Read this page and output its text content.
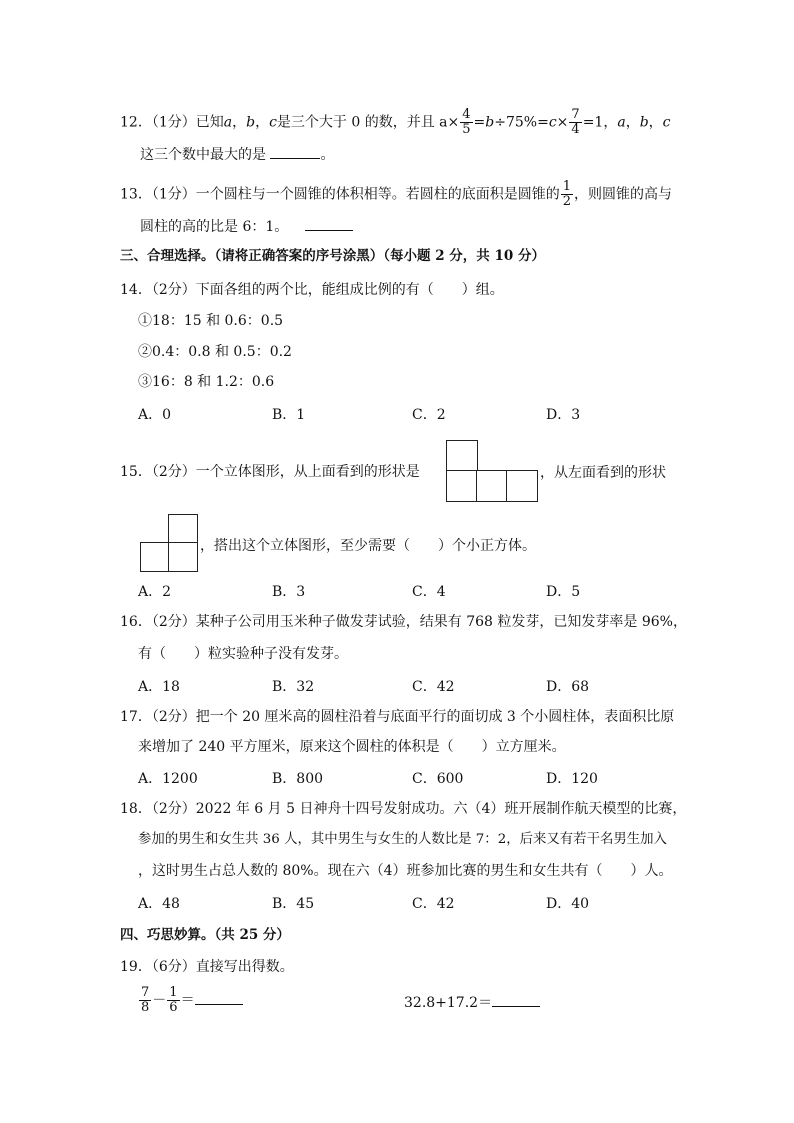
12．（1分）已知a，b，c是三个大于 0 的数，并且 $a\times \frac{4}{5} =b\div 75\%=c\times \frac{7}{4} =1$，a，b，c
这三个数中最大的是	。
13．（1分）一个圆柱与一个圆锥的体积相等。若圆柱的底面积是圆锥的 $\frac{1}{2}$ ，则圆锥的高与
圆柱的高的比是 6：1。
三、合理选择。（请将正确答案的序号涂黑）（每小题 2 分，共 10 分）
14．（2分）下面各组的两个比，能组成比例的有（　　）组。
①18：15 和 0.6：0.5
②0.4：0.8 和 0.5：0.2
③16：8 和 1.2：0.6
A．0	B．1	C．2	D．3
15．（2分）一个立体图形，从上面看到的形状是	，从左面看到的形状
，搭出这个立体图形，至少需要（　　）个小正方体。
A．2	B．3	C．4	D．5
16．（2分）某种子公司用玉米种子做发芽试验，结果有 768 粒发芽，已知发芽率是 96%，
有（　　）粒实验种子没有发芽。
A．18	B．32	C．42	D．68
17．（2分）把一个 20 厘米高的圆柱沿着与底面平行的面切成 3 个小圆柱体，表面积比原
来增加了 240 平方厘米，原来这个圆柱的体积是（　　）立方厘米。
A．1200	B．800	C．600	D．120
18．（2分）2022 年 6 月 5 日神舟十四号发射成功。六（4）班开展制作航天模型的比赛，
参加的男生和女生共 36 人，其中男生与女生的人数比是 7：2，后来又有若干名男生加入
，这时男生占总人数的 80%。现在六（4）班参加比赛的男生和女生共有（　　）人。
A．48	B．45	C．42	D．40
四、巧思妙算。（共 25 分）
19．（6分）直接写出得数。
$\frac{7}{8} - \frac{1}{6}$ ＝	32.8+17.2＝
